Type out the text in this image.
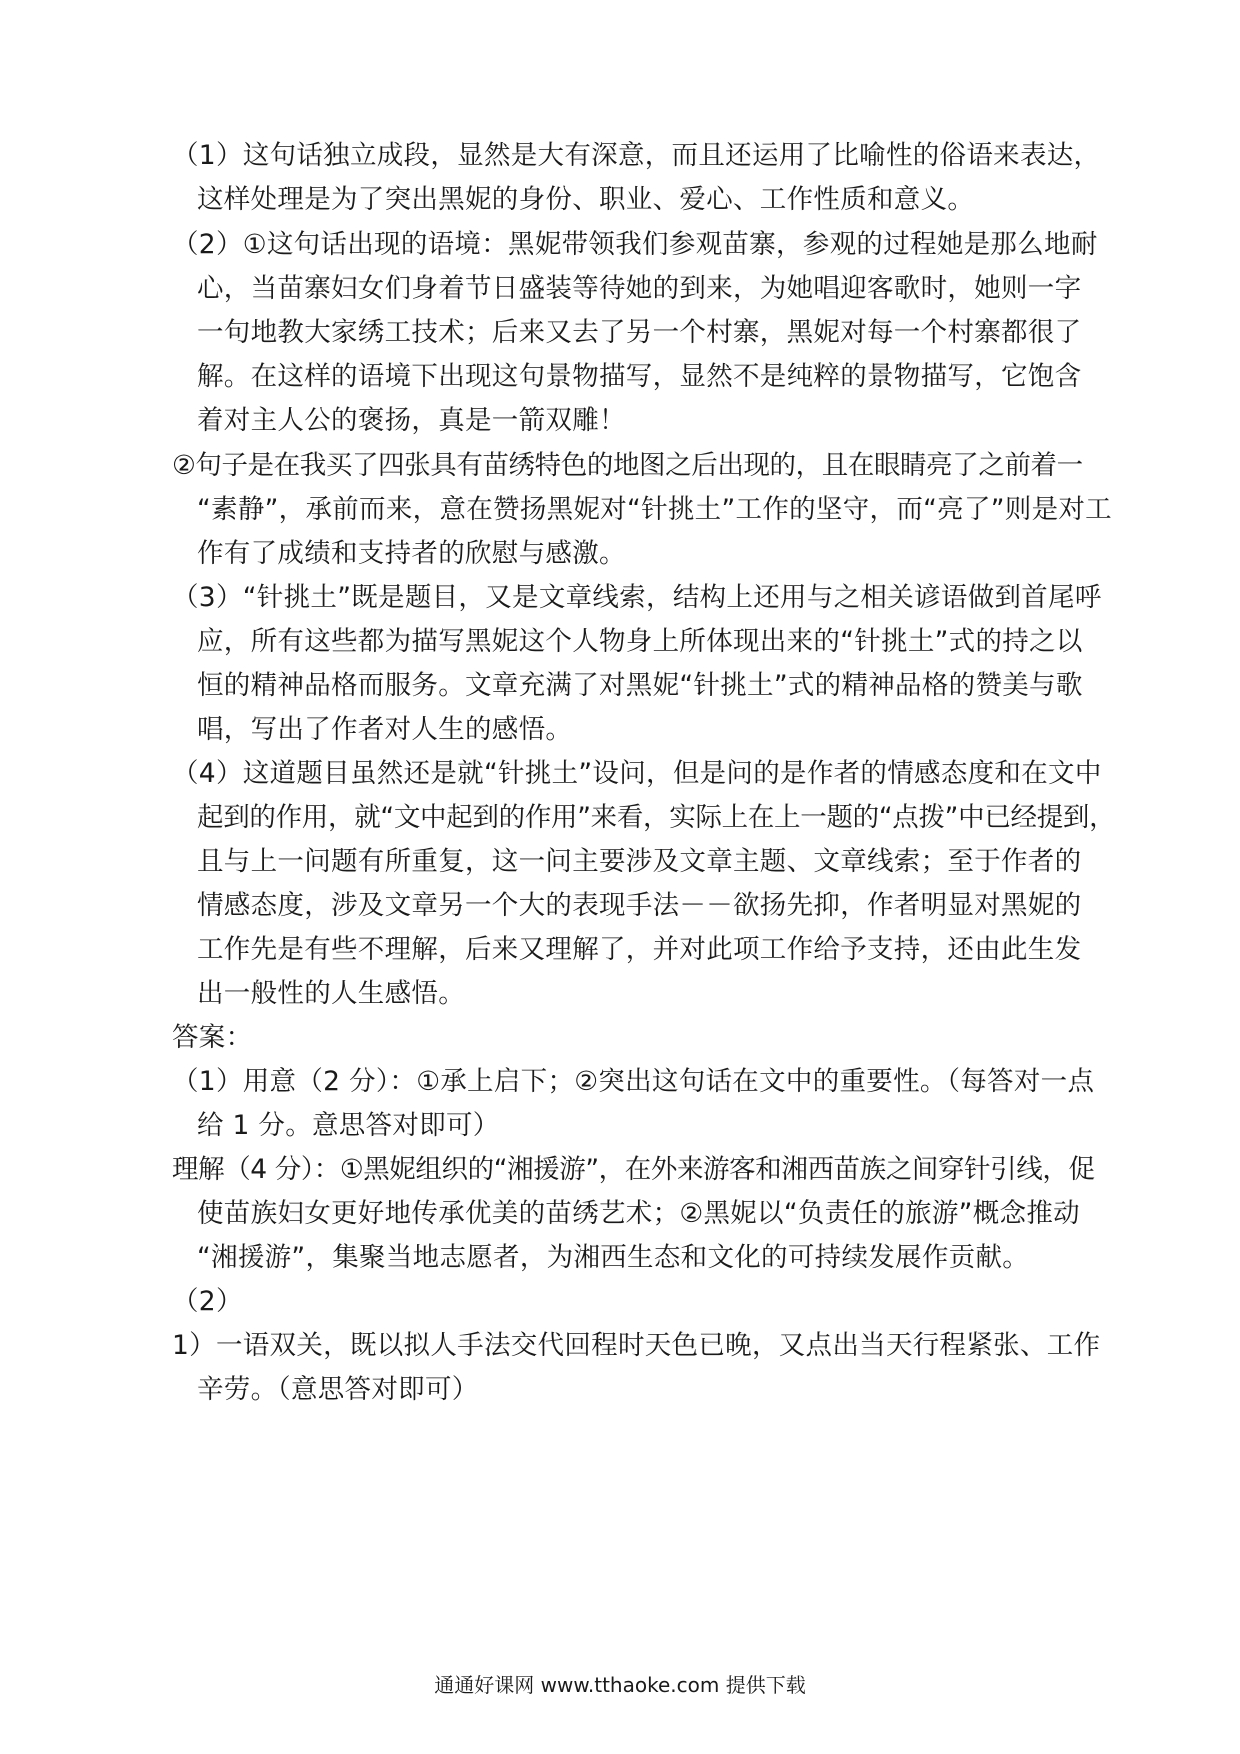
（1）这句话独立成段，显然是大有深意，而且还运用了比喻性的俗语来表达，
这样处理是为了突出黑妮的身份、职业、爱心、工作性质和意义。
（2）①这句话出现的语境：黑妮带领我们参观苗寨，参观的过程她是那么地耐
心，当苗寨妇女们身着节日盛装等待她的到来，为她唱迎客歌时，她则一字
一句地教大家绣工技术；后来又去了另一个村寨，黑妮对每一个村寨都很了
解。在这样的语境下出现这句景物描写，显然不是纯粹的景物描写，它饱含
着对主人公的褒扬，真是一箭双雕！
②句子是在我买了四张具有苗绣特色的地图之后出现的，且在眼睛亮了之前着一
“素静”，承前而来，意在赞扬黑妮对“针挑土”工作的坚守，而“亮了”则是对工
作有了成绩和支持者的欣慰与感激。
（3）“针挑土”既是题目，又是文章线索，结构上还用与之相关谚语做到首尾呼
应，所有这些都为描写黑妮这个人物身上所体现出来的“针挑土”式的持之以
恒的精神品格而服务。文章充满了对黑妮“针挑土”式的精神品格的赞美与歌
唱，写出了作者对人生的感悟。
（4）这道题目虽然还是就“针挑土”设问，但是问的是作者的情感态度和在文中
起到的作用，就“文中起到的作用”来看，实际上在上一题的“点拨”中已经提到，
且与上一问题有所重复，这一问主要涉及文章主题、文章线索；至于作者的
情感态度，涉及文章另一个大的表现手法－－欲扬先抑，作者明显对黑妮的
工作先是有些不理解，后来又理解了，并对此项工作给予支持，还由此生发
出一般性的人生感悟。
答案：
（1）用意（2 分）：①承上启下；②突出这句话在文中的重要性。（每答对一点
给 1 分。意思答对即可）
理解（4 分）：①黑妮组织的“湘援游”，在外来游客和湘西苗族之间穿针引线，促
使苗族妇女更好地传承优美的苗绣艺术；②黑妮以“负责任的旅游”概念推动
“湘援游”，集聚当地志愿者，为湘西生态和文化的可持续发展作贡献。
（2）
1）一语双关，既以拟人手法交代回程时天色已晚，又点出当天行程紧张、工作
辛劳。（意思答对即可）
通通好课网 www.tthaoke.com 提供下载
